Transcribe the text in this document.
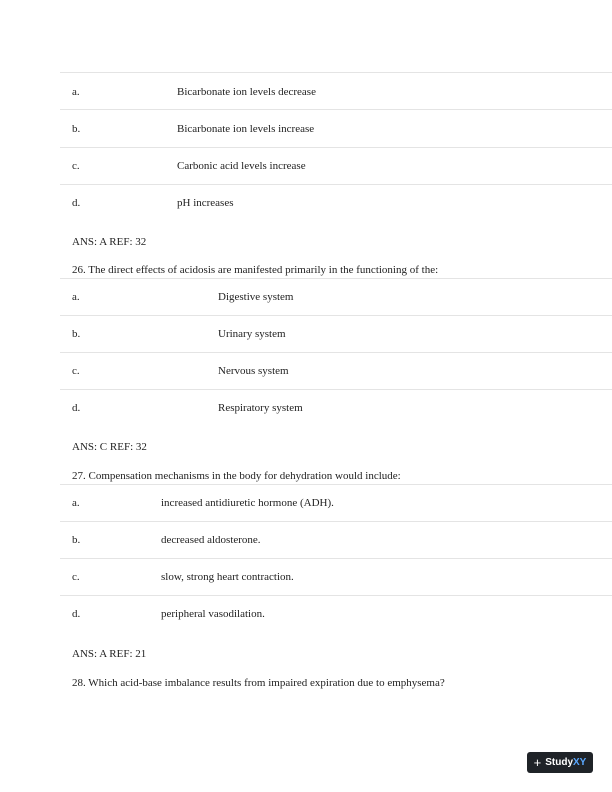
a.	Bicarbonate ion levels decrease
b.	Bicarbonate ion levels increase
c.	Carbonic acid levels increase
d.	pH increases
ANS: A REF: 32
26. The direct effects of acidosis are manifested primarily in the functioning of the:
a.	Digestive system
b.	Urinary system
c.	Nervous system
d.	Respiratory system
ANS: C REF: 32
27. Compensation mechanisms in the body for dehydration would include:
a.	increased antidiuretic hormone (ADH).
b.	decreased aldosterone.
c.	slow, strong heart contraction.
d.	peripheral vasodilation.
ANS: A REF: 21
28. Which acid-base imbalance results from impaired expiration due to emphysema?
+ Study XY
